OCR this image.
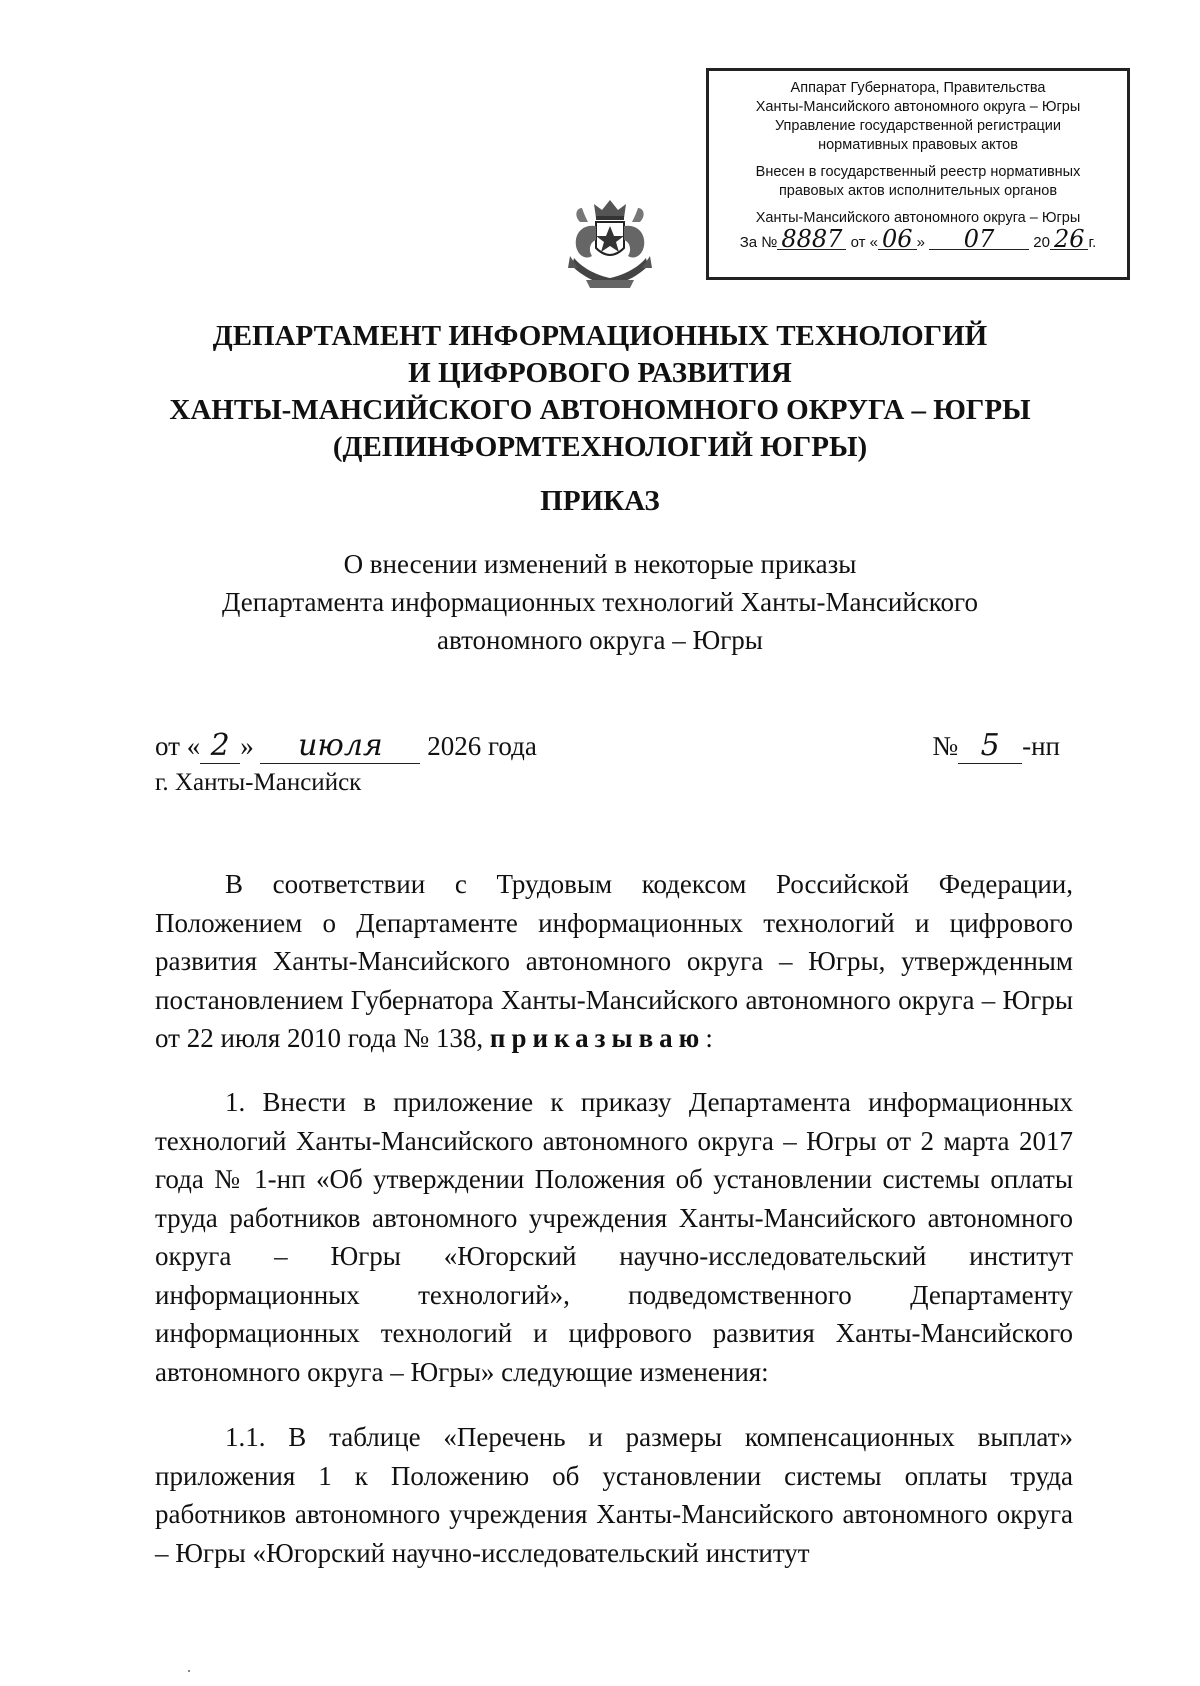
Аппарат Губернатора, Правительства
Ханты-Мансийского автономного округа – Югры
Управление государственной регистрации
нормативных правовых актов
Внесен в государственный реестр нормативных
правовых актов исполнительных органов
Ханты-Мансийского автономного округа – Югры
За № 8887 от « 06 » 07	20 26 г.
ДЕПАРТАМЕНТ ИНФОРМАЦИОННЫХ ТЕХНОЛОГИЙ
И ЦИФРОВОГО РАЗВИТИЯ
ХАНТЫ-МАНСИЙСКОГО АВТОНОМНОГО ОКРУГА – ЮГРЫ
(ДЕПИНФОРМТЕХНОЛОГИЙ ЮГРЫ)
ПРИКАЗ
О внесении изменений в некоторые приказы
Департамента информационных технологий Ханты-Мансийского
автономного округа – Югры
от « 2 » июля 2026 года	№ 5 -нп
г. Ханты-Мансийск

В соответствии с Трудовым кодексом Российской Федерации, Положением о Департаменте информационных технологий и цифрового развития Ханты-Мансийского автономного округа – Югры, утвержденным постановлением Губернатора Ханты-Мансийского автономного округа – Югры от 22 июля 2010 года № 138, приказываю:

1. Внести в приложение к приказу Департамента информационных технологий Ханты-Мансийского автономного округа – Югры от 2 марта 2017 года № 1-нп «Об утверждении Положения об установлении системы оплаты труда работников автономного учреждения Ханты-Мансийского автономного округа – Югры «Югорский научно-исследовательский институт информационных технологий», подведомственного Департаменту информационных технологий и цифрового развития Ханты-Мансийского автономного округа – Югры» следующие изменения:

1.1. В таблице «Перечень и размеры компенсационных выплат» приложения 1 к Положению об установлении системы оплаты труда работников автономного учреждения Ханты-Мансийского автономного округа – Югры «Югорский научно-исследовательский институт
